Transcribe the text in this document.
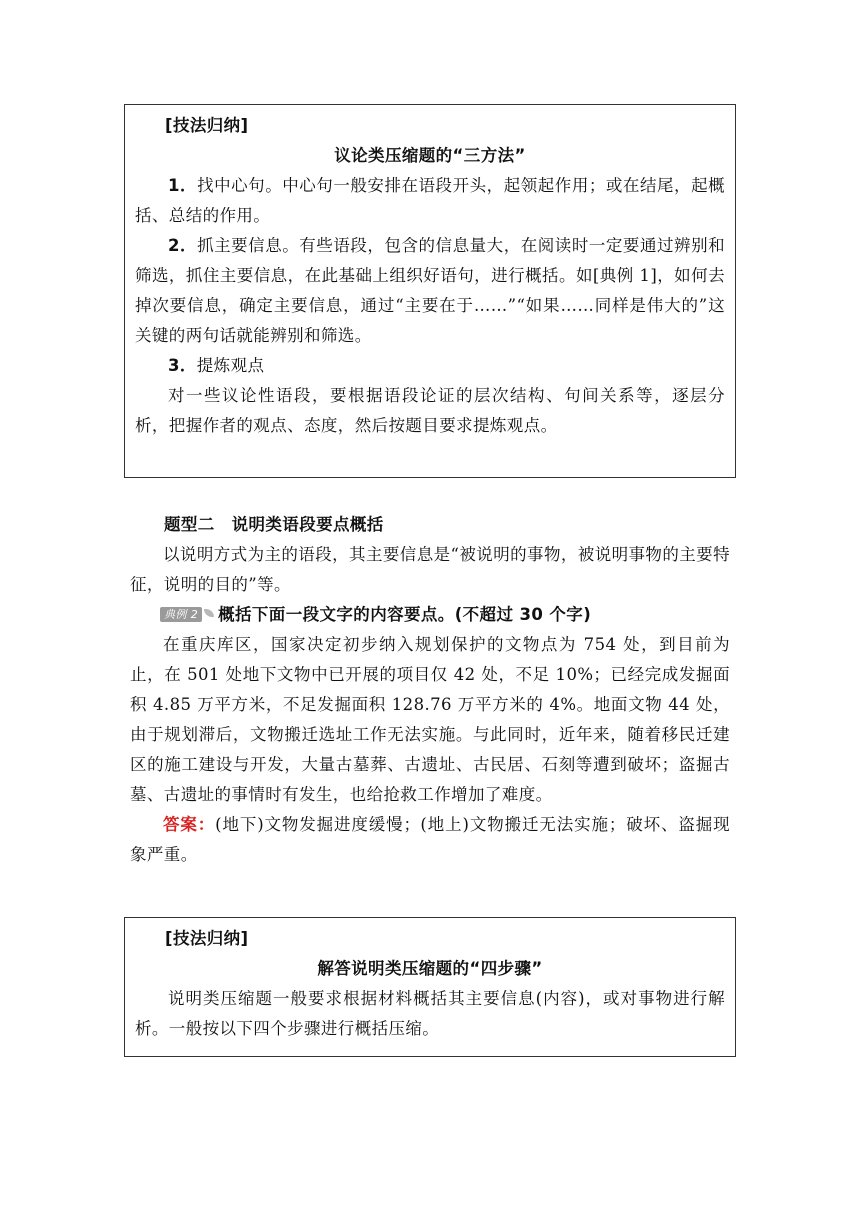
[技法归纳]

议论类压缩题的“三方法”

1．找中心句。中心句一般安排在语段开头，起领起作用；或在结尾，起概括、总结的作用。

2．抓主要信息。有些语段，包含的信息量大，在阅读时一定要通过辨别和筛选，抓住主要信息，在此基础上组织好语句，进行概括。如[典例 1]，如何去掉次要信息，确定主要信息，通过“主要在于……”“如果……同样是伟大的”这关键的两句话就能辨别和筛选。

3．提炼观点

对一些议论性语段，要根据语段论证的层次结构、句间关系等，逐层分析，把握作者的观点、态度，然后按题目要求提炼观点。

题型二　说明类语段要点概括

以说明方式为主的语段，其主要信息是“被说明的事物，被说明事物的主要特征，说明的目的”等。

典例 2 概括下面一段文字的内容要点。(不超过 30 个字)

在重庆库区，国家决定初步纳入规划保护的文物点为 754 处，到目前为止，在 501 处地下文物中已开展的项目仅 42 处，不足 10%；已经完成发掘面积 4.85 万平方米，不足发掘面积 128.76 万平方米的 4%。地面文物 44 处，由于规划滞后，文物搬迁选址工作无法实施。与此同时，近年来，随着移民迁建区的施工建设与开发，大量古墓葬、古遗址、古民居、石刻等遭到破坏；盗掘古墓、古遗址的事情时有发生，也给抢救工作增加了难度。

答案：(地下)文物发掘进度缓慢；(地上)文物搬迁无法实施；破坏、盗掘现象严重。

[技法归纳]

解答说明类压缩题的“四步骤”

说明类压缩题一般要求根据材料概括其主要信息(内容)，或对事物进行解析。一般按以下四个步骤进行概括压缩。
